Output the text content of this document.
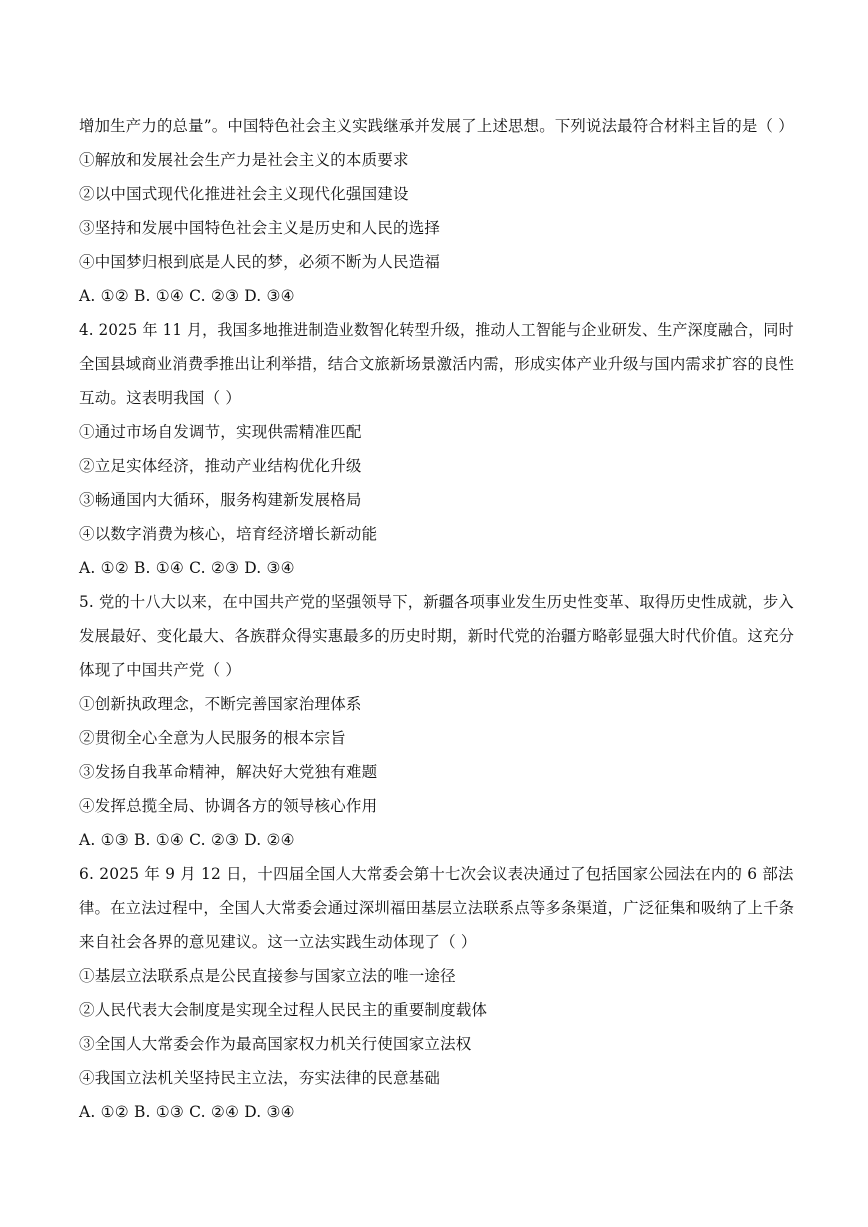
增加生产力的总量”。中国特色社会主义实践继承并发展了上述思想。下列说法最符合材料主旨的是（ ）
①解放和发展社会生产力是社会主义的本质要求
②以中国式现代化推进社会主义现代化强国建设
③坚持和发展中国特色社会主义是历史和人民的选择
④中国梦归根到底是人民的梦，必须不断为人民造福
A. ①② B. ①④ C. ②③ D. ③④
4. 2025 年 11 月，我国多地推进制造业数智化转型升级，推动人工智能与企业研发、生产深度融合，同时
全国县域商业消费季推出让利举措，结合文旅新场景激活内需，形成实体产业升级与国内需求扩容的良性
互动。这表明我国（ ）
①通过市场自发调节，实现供需精准匹配
②立足实体经济，推动产业结构优化升级
③畅通国内大循环，服务构建新发展格局
④以数字消费为核心，培育经济增长新动能
A. ①② B. ①④ C. ②③ D. ③④
5. 党的十八大以来，在中国共产党的坚强领导下，新疆各项事业发生历史性变革、取得历史性成就，步入
发展最好、变化最大、各族群众得实惠最多的历史时期，新时代党的治疆方略彰显强大时代价值。这充分
体现了中国共产党（ ）
①创新执政理念，不断完善国家治理体系
②贯彻全心全意为人民服务的根本宗旨
③发扬自我革命精神，解决好大党独有难题
④发挥总揽全局、协调各方的领导核心作用
A. ①③ B. ①④ C. ②③ D. ②④
6. 2025 年 9 月 12 日，十四届全国人大常委会第十七次会议表决通过了包括国家公园法在内的 6 部法
律。在立法过程中，全国人大常委会通过深圳福田基层立法联系点等多条渠道，广泛征集和吸纳了上千条
来自社会各界的意见建议。这一立法实践生动体现了（ ）
①基层立法联系点是公民直接参与国家立法的唯一途径
②人民代表大会制度是实现全过程人民民主的重要制度载体
③全国人大常委会作为最高国家权力机关行使国家立法权
④我国立法机关坚持民主立法，夯实法律的民意基础
A. ①② B. ①③ C. ②④ D. ③④
